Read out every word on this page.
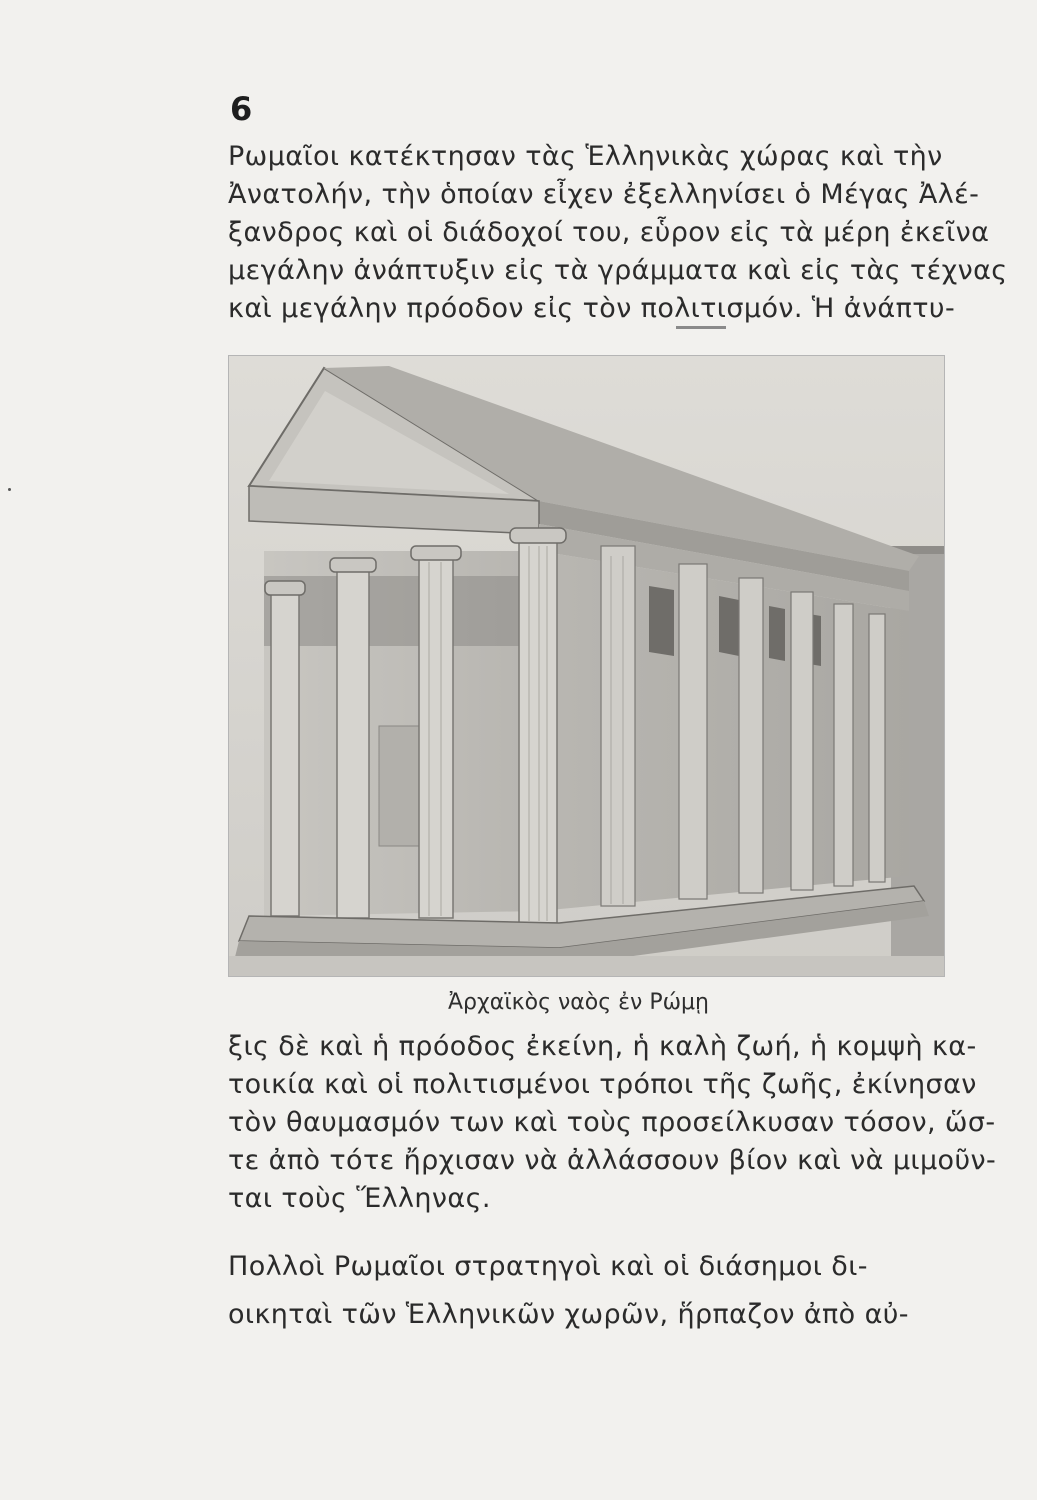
6
Ρωμαῖοι κατέκτησαν τὰς Ἑλληνικὰς χώρας καὶ τὴν
Ἀνατολήν, τὴν ὁποίαν εἶχεν ἐξελληνίσει ὁ Μέγας Ἀλέ-
ξανδρος καὶ οἱ διάδοχοί του, εὗρον εἰς τὰ μέρη ἐκεῖνα
μεγάλην ἀνάπτυξιν εἰς τὰ γράμματα καὶ εἰς τὰς τέχνας
καὶ μεγάλην πρόοδον εἰς τὸν πολιτισμόν. Ἡ ἀνάπτυ-
Ἀρχαϊκὸς ναὸς ἐν Ρώμῃ
ξις δὲ καὶ ἡ πρόοδος ἐκείνη, ἡ καλὴ ζωή, ἡ κομψὴ κα-
τοικία καὶ οἱ πολιτισμένοι τρόποι τῆς ζωῆς, ἐκίνησαν
τὸν θαυμασμόν των καὶ τοὺς προσείλκυσαν τόσον, ὥσ-
τε ἀπὸ τότε ἤρχισαν νὰ ἀλλάσσουν βίον καὶ νὰ μιμοῦν-
ται τοὺς Ἕλληνας.
Πολλοὶ Ρωμαῖοι στρατηγοὶ καὶ οἱ διάσημοι δι-
οικηταὶ τῶν Ἑλληνικῶν χωρῶν, ἥρπαζον ἀπὸ αὐ-
